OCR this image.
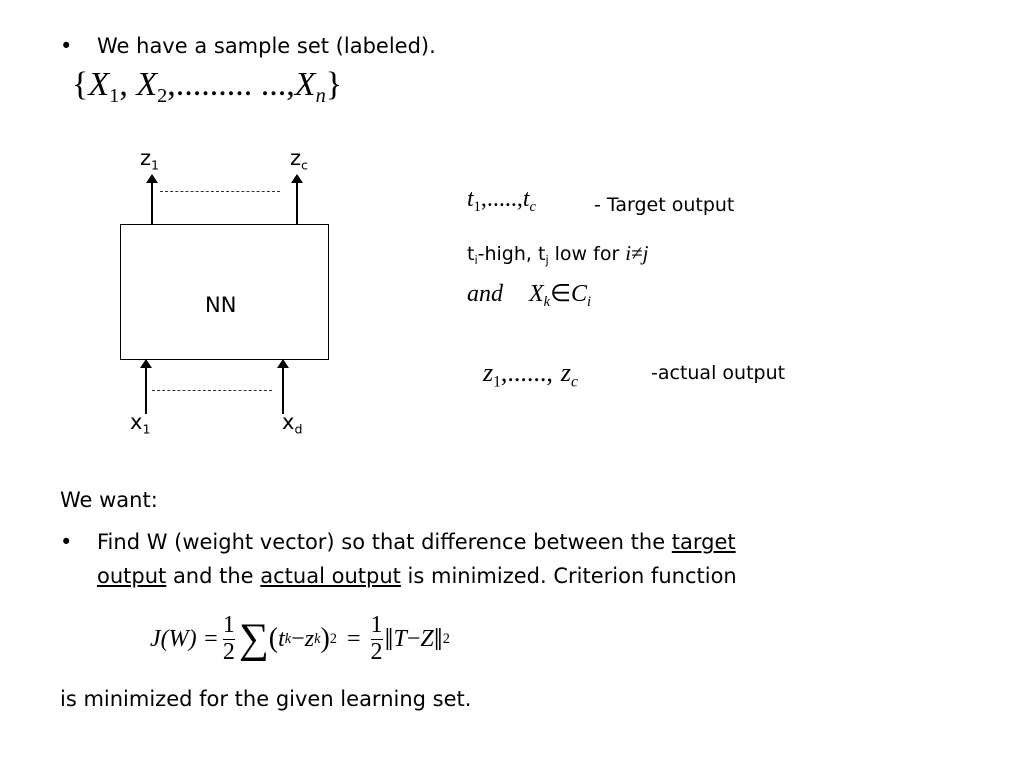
• We have a sample set (labeled).
{$X_1$, $X_2$,......... $...,X_n$}
NN
$z_1$	$z_c$
$x_1$	$x_d$
$t_1,.....,t_c$	- Target output
$t_i$-high, $t_j$ low for i≠j
and $X_k\in C_i$
$z_1$,......, $z_c$	-actual output
We want:
• Find W (weight vector) so that difference between the target
output and the actual output is minimized. Criterion function
$J(W) = \frac{1}{2}$ ∑ ( t k − z k ) $2 = \frac{1}{2}$ ‖ T − Z ‖ 2
is minimized for the given learning set.
